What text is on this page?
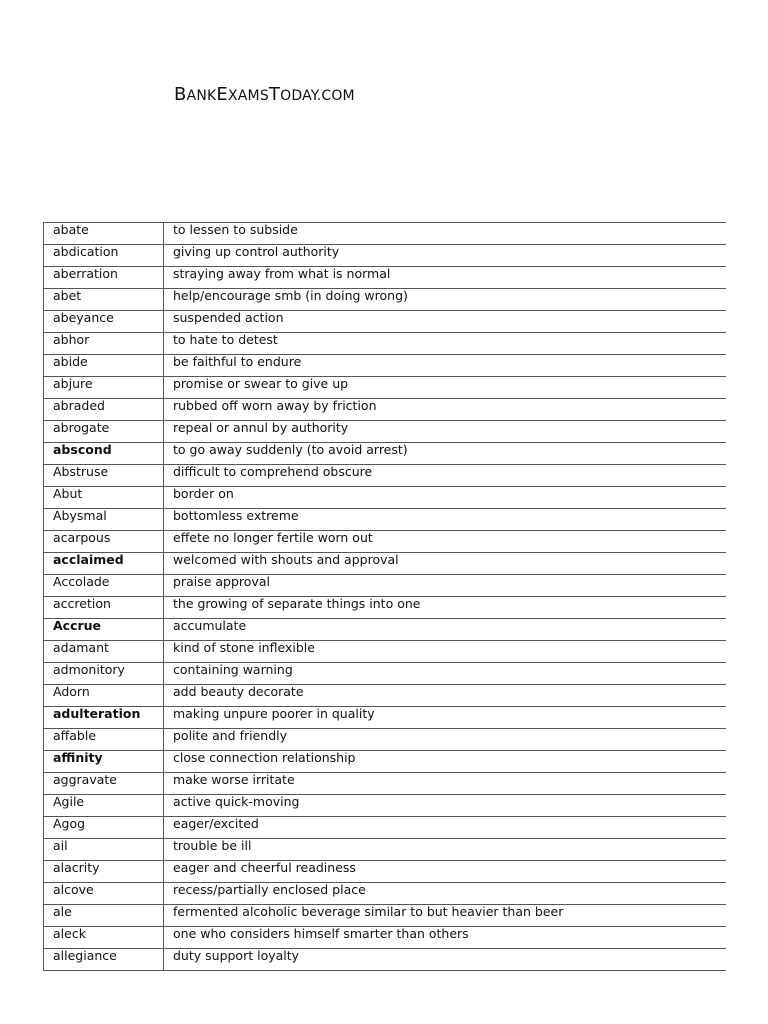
BANKEXAMSTODAY.COM
abate	to lessen to subside
abdication	giving up control authority
aberration	straying away from what is normal
abet	help/encourage smb (in doing wrong)
abeyance	suspended action
abhor	to hate to detest
abide	be faithful to endure
abjure	promise or swear to give up
abraded	rubbed off worn away by friction
abrogate	repeal or annul by authority
abscond	to go away suddenly (to avoid arrest)
Abstruse	difficult to comprehend obscure
Abut	border on
Abysmal	bottomless extreme
acarpous	effete no longer fertile worn out
acclaimed	welcomed with shouts and approval
Accolade	praise approval
accretion	the growing of separate things into one
Accrue	accumulate
adamant	kind of stone inflexible
admonitory	containing warning
Adorn	add beauty decorate
adulteration	making unpure poorer in quality
affable	polite and friendly
affinity	close connection relationship
aggravate	make worse irritate
Agile	active quick-moving
Agog	eager/excited
ail	trouble be ill
alacrity	eager and cheerful readiness
alcove	recess/partially enclosed place
ale	fermented alcoholic beverage similar to but heavier than beer
aleck	one who considers himself smarter than others
allegiance	duty support loyalty
